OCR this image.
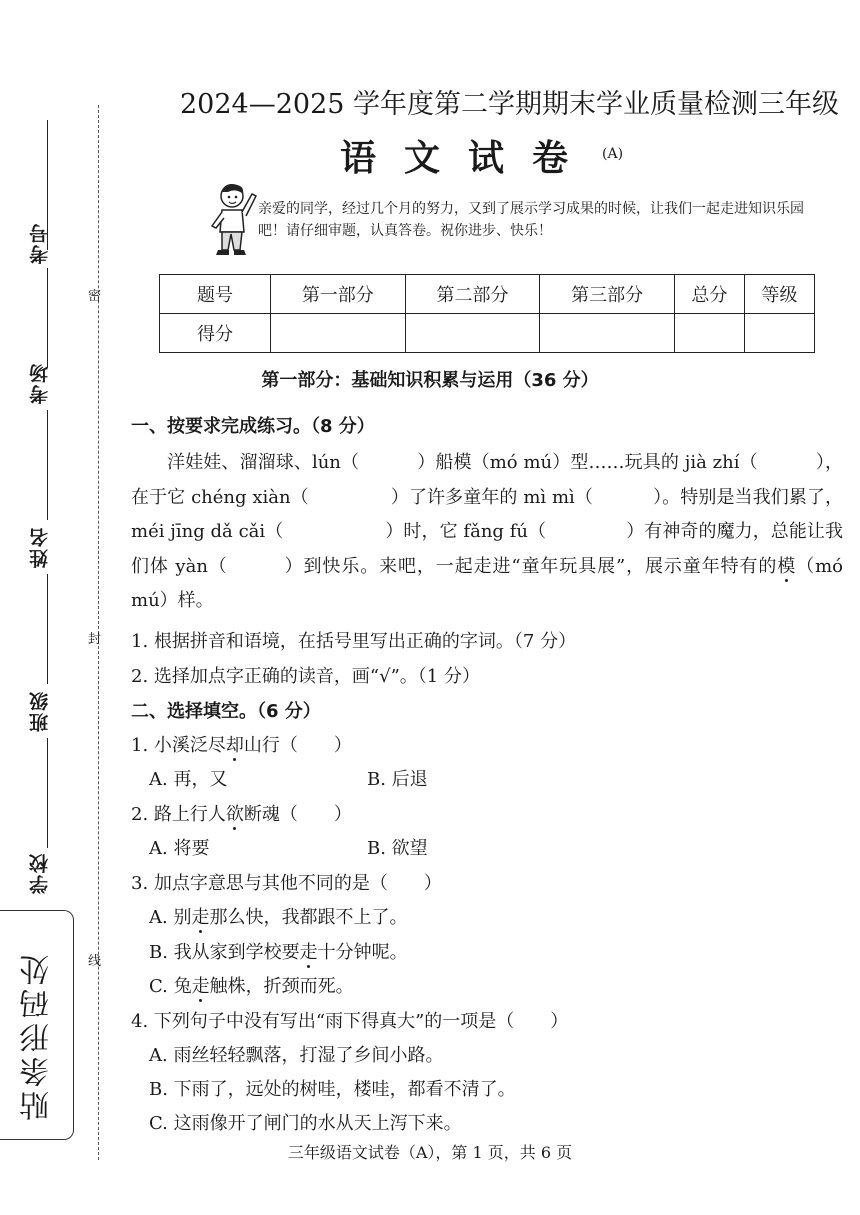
考号
考场
姓名
班级
学校
密
封
线
贴条形码处
2024—2025 学年度第二学期期末学业质量检测三年级
语文试卷 (A)
亲爱的同学，经过几个月的努力，又到了展示学习成果的时候，让我们一起走进知识乐园吧！请仔细审题，认真答卷。祝你进步、快乐！
题号	第一部分	第二部分	第三部分	总分	等级
得分					
第一部分：基础知识积累与运用（36 分）
一、按要求完成练习。（8 分）
洋娃娃、溜溜球、lún（	）船模（mó mú）型……玩具的 jià zhí（	），在于它 chéng xiàn（	）了许多童年的 mì mì（	）。特别是当我们累了，méi jīng dǎ cǎi（	）时，它 fǎng fú（	）有神奇的魔力，总能让我们体 yàn（	）到快乐。来吧，一起走进“童年玩具展”，展示童年特有的模（mó mú）样。
1. 根据拼音和语境，在括号里写出正确的字词。（7 分）
2. 选择加点字正确的读音，画“√”。（1 分）
二、选择填空。（6 分）
1. 小溪泛尽却山行（　　）
A. 再，又	B. 后退
2. 路上行人欲断魂（　　）
A. 将要	B. 欲望
3. 加点字意思与其他不同的是（　　）
A. 别走那么快，我都跟不上了。
B. 我从家到学校要走十分钟呢。
C. 兔走触株，折颈而死。
4. 下列句子中没有写出“雨下得真大”的一项是（　　）
A. 雨丝轻轻飘落，打湿了乡间小路。
B. 下雨了，远处的树哇，楼哇，都看不清了。
C. 这雨像开了闸门的水从天上泻下来。
三年级语文试卷（A），第 1 页，共 6 页
